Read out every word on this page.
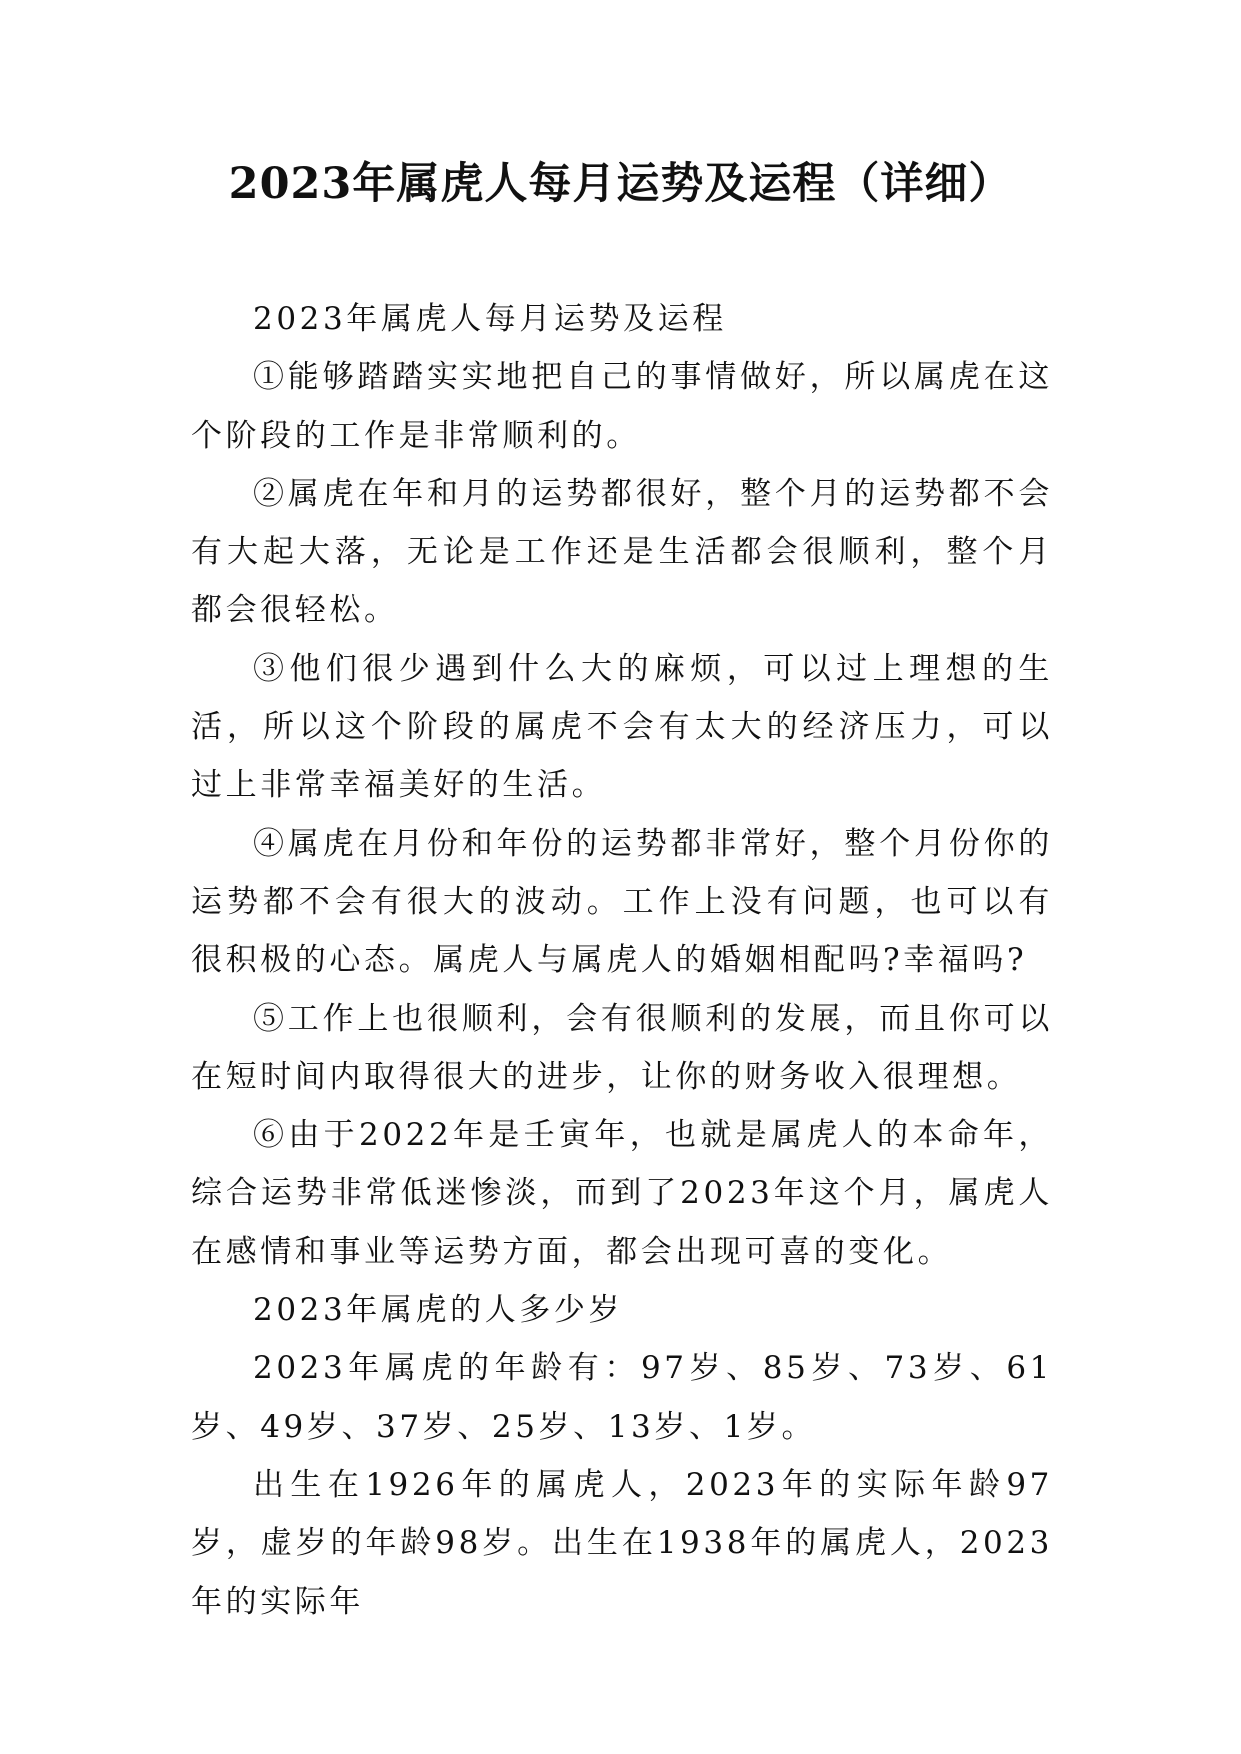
2023年属虎人每月运势及运程（详细）

2023年属虎人每月运势及运程

①能够踏踏实实地把自己的事情做好，所以属虎在这个阶段的工作是非常顺利的。

②属虎在年和月的运势都很好，整个月的运势都不会有大起大落，无论是工作还是生活都会很顺利，整个月都会很轻松。

③他们很少遇到什么大的麻烦，可以过上理想的生活，所以这个阶段的属虎不会有太大的经济压力，可以过上非常幸福美好的生活。

④属虎在月份和年份的运势都非常好，整个月份你的运势都不会有很大的波动。工作上没有问题，也可以有很积极的心态。属虎人与属虎人的婚姻相配吗?幸福吗?

⑤工作上也很顺利，会有很顺利的发展，而且你可以在短时间内取得很大的进步，让你的财务收入很理想。

⑥由于2022年是壬寅年，也就是属虎人的本命年，综合运势非常低迷惨淡，而到了2023年这个月，属虎人在感情和事业等运势方面，都会出现可喜的变化。

2023年属虎的人多少岁

2023年属虎的年龄有：97岁、85岁、73岁、61岁、49岁、37岁、25岁、13岁、1岁。

出生在1926年的属虎人，2023年的实际年龄97岁，虚岁的年龄98岁。出生在1938年的属虎人，2023年的实际年
